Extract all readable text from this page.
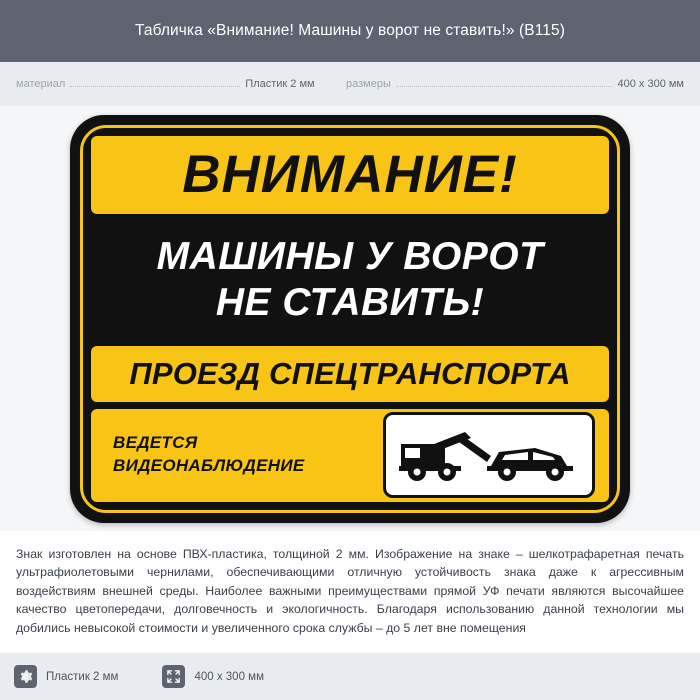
Табличка «Внимание! Машины у ворот не ставить!» (B115)
материал	Пластик 2 мм	размеры	400 x 300 мм
ВНИМАНИЕ!
МАШИНЫ У ВОРОТ
НЕ СТАВИТЬ!
ПРОЕЗД СПЕЦТРАНСПОРТА
ВЕДЕТСЯ
ВИДЕОНАБЛЮДЕНИЕ
Знак изготовлен на основе ПВХ-пластика, толщиной 2 мм. Изображение на знаке – шелкотрафаретная печать ультрафиолетовыми чернилами, обеспечивающими отличную устойчивость знака даже к агрессивным воздействиям внешней среды. Наиболее важными преимуществами прямой УФ печати являются высочайшее качество цветопередачи, долговечность и экологичность. Благодаря использованию данной технологии мы добились невысокой стоимости и увеличенного срока службы – до 5 лет вне помещения
Пластик 2 мм	400 x 300 мм
